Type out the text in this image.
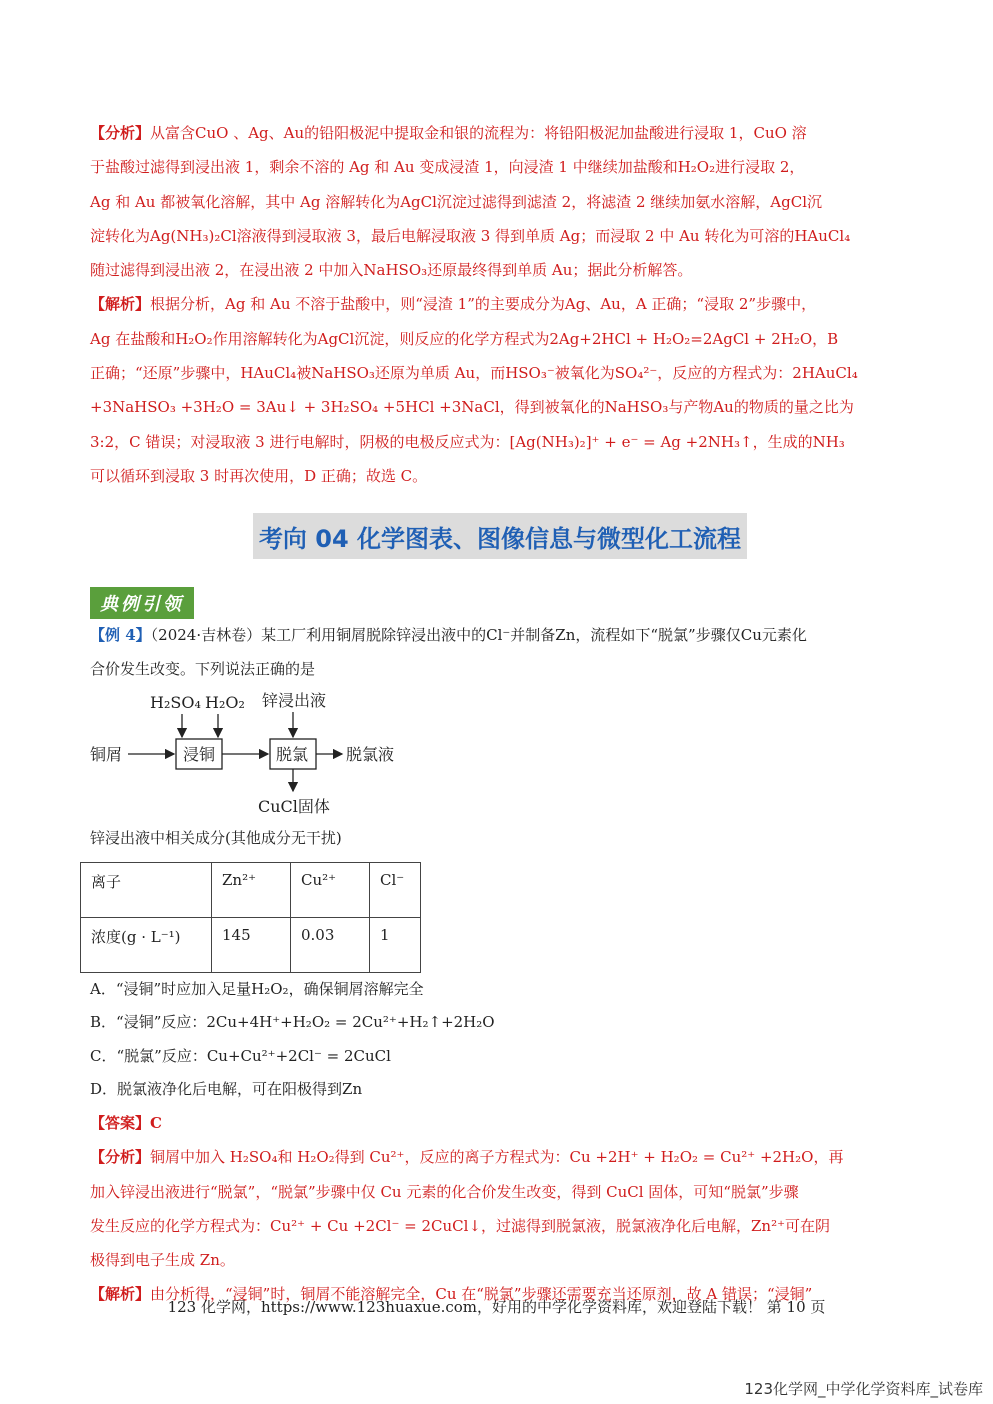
【分析】从富含CuO 、Ag、Au的铅阳极泥中提取金和银的流程为：将铅阳极泥加盐酸进行浸取 1，CuO 溶

于盐酸过滤得到浸出液 1，剩余不溶的 Ag 和 Au 变成浸渣 1，向浸渣 1 中继续加盐酸和H₂O₂进行浸取 2，

Ag 和 Au 都被氧化溶解，其中 Ag 溶解转化为AgCl沉淀过滤得到滤渣 2，将滤渣 2 继续加氨水溶解，AgCl沉

淀转化为Ag(NH₃)₂Cl溶液得到浸取液 3，最后电解浸取液 3 得到单质 Ag；而浸取 2 中 Au 转化为可溶的HAuCl₄

随过滤得到浸出液 2，在浸出液 2 中加入NaHSO₃还原最终得到单质 Au；据此分析解答。

【解析】根据分析，Ag 和 Au 不溶于盐酸中，则“浸渣 1”的主要成分为Ag、Au，A 正确；“浸取 2”步骤中，

Ag 在盐酸和H₂O₂作用溶解转化为AgCl沉淀，则反应的化学方程式为2Ag+2HCl + H₂O₂=2AgCl + 2H₂O，B

正确；“还原”步骤中，HAuCl₄被NaHSO₃还原为单质 Au，而HSO₃⁻被氧化为SO₄²⁻，反应的方程式为：2HAuCl₄

+3NaHSO₃ +3H₂O = 3Au↓ + 3H₂SO₄ +5HCl +3NaCl，得到被氧化的NaHSO₃与产物Au的物质的量之比为

3:2，C 错误；对浸取液 3 进行电解时，阴极的电极反应式为：[Ag(NH₃)₂]⁺ + e⁻ = Ag +2NH₃↑，生成的NH₃

可以循环到浸取 3 时再次使用，D 正确；故选 C。

考向 04 化学图表、图像信息与微型化工流程
典例引领

【例 4】（2024·吉林卷）某工厂利用铜屑脱除锌浸出液中的Cl⁻并制备Zn，流程如下“脱氯”步骤仅Cu元素化

合价发生改变。下列说法正确的是

H₂SO₄ H₂O₂ 锌浸出液
铜屑	浸铜	脱氯 脱氯液
CuCl固体
锌浸出液中相关成分(其他成分无干扰)
离子	Zn²⁺	Cu²⁺	Cl⁻
浓度(g · L⁻¹)	145	0.03	1

A．“浸铜”时应加入足量H₂O₂，确保铜屑溶解完全

B．“浸铜”反应：2Cu+4H⁺+H₂O₂ = 2Cu²⁺+H₂↑+2H₂O

C．“脱氯”反应：Cu+Cu²⁺+2Cl⁻ = 2CuCl

D．脱氯液净化后电解，可在阳极得到Zn

【答案】C

【分析】铜屑中加入 H₂SO₄和 H₂O₂得到 Cu²⁺，反应的离子方程式为：Cu +2H⁺ + H₂O₂ = Cu²⁺ +2H₂O，再

加入锌浸出液进行“脱氯”，“脱氯”步骤中仅 Cu 元素的化合价发生改变，得到 CuCl 固体，可知“脱氯”步骤

发生反应的化学方程式为：Cu²⁺ + Cu +2Cl⁻ = 2CuCl↓，过滤得到脱氯液，脱氯液净化后电解，Zn²⁺可在阴

极得到电子生成 Zn。

【解析】由分析得，“浸铜”时，铜屑不能溶解完全，Cu 在“脱氯”步骤还需要充当还原剂，故 A 错误；“浸铜”

123 化学网，https://www.123huaxue.com，好用的中学化学资料库，欢迎登陆下载！ 第 10 页
123化学网_中学化学资料库_试卷库
